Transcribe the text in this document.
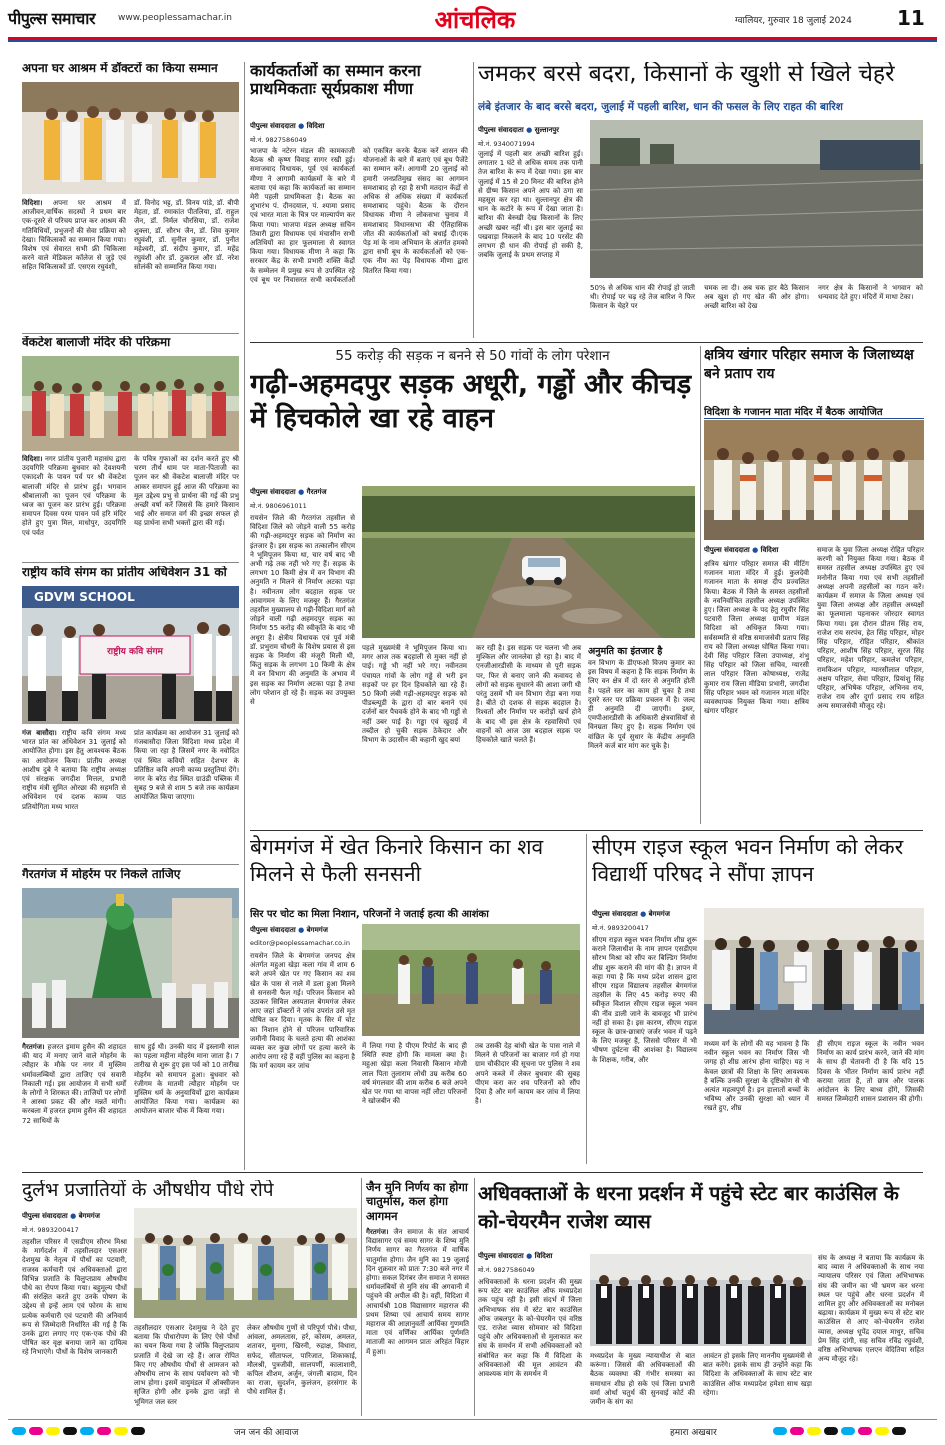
पीपुल्स समाचार	www.peoplessamachar.in	आंचलिक	ग्वालियर, गुरुवार 18 जुलाई 2024 11
अपना घर आश्रम में डॉक्टरों का किया सम्मान
विदिशा। अपना घर आश्रम में आजीवन,वार्षिक सदस्यों ने प्रथम बार एक-दूसरे से परिचय प्राप्त कर आश्रम की गतिविधियों, प्रभुजनों की सेवा प्रक्रिया को देखा। चिकित्सकों का सम्मान किया गया। विशेष एवं सेवारत सभी फ्री चिकित्सा करने वाले मेडिकल कॉलेज से जुड़े एवं सहित चिकित्सकों डॉ. एसएस रघुवंशी,
डॉ. विनोद भट्ट, डॉ. विनय पांडे, डॉ. बीपी मेहता, डॉ. रमाकांत पीतलिया, डॉ. राहुल जैन, डॉ. निर्मल चौरसिया, डॉ. राजेश शुक्ला, डॉ. सौरभ जैन, डॉ. शिव कुमार रघुवंशी, डॉ. सुनील कुमार, डॉ. पुनीत महेश्वरी, डॉ. संदीप कुमार, डॉ. महेंद्र रघुवंशी और डॉ. ठुकराल और डॉ. नरेश सोलंकी को सम्मानित किया गया।
वेंकटेश बालाजी मंदिर की परिक्रमा
विदिशा। नगर प्रांतीय पुजारी महासंघ द्वारा उदयगिरि परिक्रमा बुधवार को देवशयनी एकादशी के पावन पर्व पर श्री वेंकटेश बालाजी मंदिर से प्रारंभ हुई। भगवान श्रीबालाजी का पूजन एवं परिक्रमा के ध्वज का पूजन कर प्रारंभ हुई। परिक्रमा समापन दिवस परम पावन पर्व हरि मंदिर होते हुए पुत्रा मिल, माधोपुर, उदयगिरि एवं पर्वत
के पवित्र गुफाओं का दर्शन करते हुए श्री चरण तीर्थ धाम पर माता-पिताजी का पूजन कर श्री वेंकटेश बालाजी मंदिर पर आकर समापन हुई आज की परिक्रमा का मूल उद्देश्य प्रभु से प्रार्थना की गई की प्रभु अच्छी वर्षा करें जिससे कि हमारे किसान भाई और समाज वर्ग की इच्छा सफल हो यह प्रार्थना सभी भक्तों द्वारा की गई।
राष्ट्रीय कवि संगम का प्रांतीय अधिवेशन 31 को
GDVM SCHOOL
राष्ट्रीय कवि संगम
गंज बासौदा। राष्ट्रीय कवि संगम मध्य भारत प्रांत का अधिवेशन 31 जुलाई को आयोजित होगा। इस हेतु आवश्यक बैठक का आयोजन किया। प्रांतीय अध्यक्ष आशीष दुबे ने बताया कि राष्ट्रीय अध्यक्ष एवं संरक्षक जगदीश मित्तल, प्रभारी राष्ट्रीय मंत्री सुमित ओरछा की सहमति से अधिवेशन एवं दशक काव्य पाठ प्रतियोगिता मध्य भारत
प्रांत कार्यक्रम का आयोजन 31 जुलाई को गंजबासौदा जिला विदिशा मध्य प्रदेश में किया जा रहा है जिसमें नगर के नवोदित एवं स्थित कवियों सहित देशभर के प्रतिष्ठित कवि अपनी काव्य प्रस्तुतियां देंगे। नगर के बरेठ रोड स्थित ग्राउंडी पब्लिक में सुबह 9 बजे से शाम 5 बजे तक कार्यक्रम आयोजित किया जाएगा।
गैरतगंज में मोहर्रम पर निकले ताजिए
गैरतगंज। हजरत इमाम हुसैन की शहादत की याद में मनाए जाने वाले मोहर्रम के त्यौहार के मौके पर नगर में मुस्लिम धर्मावलम्बियों द्वारा ताजिए एवं सवारी निकाली गई। इस आयोजन में सभी धर्मों के लोगों ने शिरकत की। ताजियों पर लोगों ने आस्था प्रकट की और मन्नतें मांगी। करबला में हजरत इमाम हुसैन की शहादत 72 साथियों के
साथ हुई थी। उनकी याद में इस्लामी साल का पहला महीना मोहर्रम माना जाता है। 7 तारीख से शुरू हुए इस पर्व को 10 तारीख मोहर्रम को समापन हुआ। बुधवार को रंजीगम के मातमी त्यौहार मोहर्रम पर मुस्लिम धर्म के अनुयायियों द्वारा कार्यक्रम आयोजित किया गया। कार्यक्रम का आयोजन बाजार चौक में किया गया।
कार्यकर्ताओं का सम्मान करना प्राथमिकताः सूर्यप्रकाश मीणा
पीपुल्स संवाददाता ● विदिशा
मो.नं. 9827586049
भाजपा के नटेरन मंडल की कामकाजी बैठक श्री कृष्ण विवाह सागर रखी हुई। समाजवाद विधायक, पूर्व एवं कार्यकर्ता मीणा ने आगामी कार्यक्रमों के बारे में बताया एवं कहा कि कार्यकर्ता का सम्मान मेरी पहली प्राथमिकता है। बैठक का शुभारंभ पं. दीनदयाल, पं. श्यामा प्रसाद एवं भारत माता के चित्र पर माल्यार्पण कर किया गया। भाजपा मंडल अध्यक्ष सचिन तिवारी द्वारा विधायक एवं मंचासीन सभी अतिथियों का हार फूलमाला से स्वागत किया गया। विधायक मीणा ने कहा कि सरकार केंद्र के सभी प्रभारी शक्ति केंद्रों के सम्मेलन में प्रमुख रूप से उपस्थित रहे एवं बूथ पर निवासरत सभी कार्यकर्ताओं को एकत्रित करके बैठक करें शासन की योजनाओं के बारे में बताएं एवं बूथ पैजेंटे का सम्मान करें। आगामी 20 जुलाई को हमारी जनप्रतिमुख संसद का आगमन समशाबाद हो रहा है सभी मतदान केंद्रों से अधिक से अधिक संख्या में कार्यकर्ता समशाबाद पहुंचे। बैठक के दौरान विधायक मीणा ने लोकसभा चुनाव में समशाबाद विधानसभा की ऐतिहासिक जीत की कार्यकर्ताओं को बधाई दी।एक पेड़ मां के नाम अभियान के अंतर्गत हमको द्वारा सभी बूथ के कार्यकर्ताओं को एक-एक नीम का पेड़ विधायक मीणा द्वारा वितरित किया गया।
जमकर बरसे बदरा, किसानों के खुशी से खिले चेहरे
लंबे इंतजार के बाद बरसे बदरा, जुलाई में पहली बारिश, धान की फसल के लिए राहत की बारिश
पीपुल्स संवाददाता ● सुल्तानपुर
मो.नं. 9340071994
जुलाई में पहली बार अच्छी बारिश हुई। लगातार 1 घंटे से अधिक समय तक पानी तेज बारिश के रूप में देखा गया। इस बार जुलाई में 15 से 20 मिनट की बारिश होने से ग्रीष्म किसान अपने आप को ठगा सा महसूस कर रहा था। सुल्तानपुर क्षेत्र की धान के कटोरे के रूप में देखा जाता है। बारिश की बेरुखी देख किसानों के लिए अच्छी खबर नहीं थी। इस बार जुलाई का पखवाड़ा निकलने के बाद 10 परसेंट की लगभग ही धान की रोपाई हो सकी है, जबकि जुलाई के प्रथम सप्ताह में
50% से अधिक धान की रोपाई हो जाती थी। रोपाई पर चढ़ रहे तेज बारिश ने फिर किसान के चेहरे पर
चमक ला दी। अब चक हार बैठे किसान अब खुश हो गए खेत की ओर होगा। अच्छी बारिश को देख
नगर क्षेत्र के किसानों ने भगवान को धन्यवाद देते हुए। मंदिरों में माथा टेका।
55 करोड़ की सड़क न बनने से 50 गांवों के लोग परेशान
गढ़ी-अहमदपुर सड़क अधूरी, गड्ढों और कीचड़ में हिचकोले खा रहे वाहन
पीपुल्स संवाददाता ● गैरतगंज
मो.नं. 9806961011
रायसेन जिले की गैरतगंज तहसील से विदिशा जिले को जोड़ने वाली 55 करोड़ की गढ़ी-अहमदपुर सड़क को निर्माण का इंतजार है। इस सड़क का तत्कालीन सीएम ने भूमिपूजन किया था, चार वर्ष बाद भी अभी गढ़े तक नहीं भरे गए हैं। सड़क के लगभग 10 किमी क्षेत्र में वन विभाग की अनुमति न मिलने से निर्माण अटका पड़ा है। नवीनतम लोग बदहाल सड़क पर आवागमन के लिए मजबूर हैं। गैरतगंज तहसील मुख्यालय से गढ़ी-विदिशा मार्ग को जोड़ने वाली गढ़ी अहमदपुर सड़क का निर्माण 55 करोड़ की स्वीकृति के बाद भी अधूरा है। क्षेत्रीय विधायक एवं पूर्व मंत्री डॉ. प्रभुराम चौधरी के विशेष प्रयास से इस सड़क के निर्माण की मंजूरी मिली थी, किंतु सड़क के लगभग 10 किमी के क्षेत्र में वन विभाग की अनुमति के अभाव में इस सड़क का निर्माण अटका पड़ा है तथा लोग परेशान हो रहे हैं। सड़क का उपयुक्त से
पहले मुख्यमंत्री ने भूमिपूजन किया था। मगर आज तक बदहाली से मुक्त नहीं हो पाई। गड्ढे भी नहीं भरे गए। नवीनतम पंचायत गांवों के लोग गड्ढे से भरी इन सड़कों पर हर दिन हिचकोले खा रहे हैं। 50 किमी लंबी गढ़ी-अहमदपुर सड़क को पीडब्ल्यूडी के द्वारा दो बार बनाने एवं दर्जनों बार पैचवर्क होने के बाद भी गड्ढों से नहीं उबर पाई है। गड्ढा एवं खुदाई में तब्दील हो चुकी सड़क ठेकेदार और विभाग के उदासीन की कहानी खुद बयां
कर रही है। इस सड़क पर चलना भी अब मुश्किल और जानलेवा हो रहा है। बाद में एनजीआरडीसी के माध्यम से पूरी सड़क पर, फिर से बनाए जाने की कवायद से लोगों को सड़क सुधारने की आशा जगी थी परंतु उसमें भी वन विभाग रोड़ा बना गया है। बीते दो दशक से सड़क बदहाल है। रिश्वतों और निर्माण पर करोड़ों खर्च होने के बाद भी इस क्षेत्र के रहवासियों एवं वाहनों को आज उस बदहाल सड़क पर हिचकोले खाते चलते हैं।
अनुमति का इंतजार है
वन विभाग के डीएफओ विजय कुमार का इस विषय में कहना है कि सड़क निर्माण के लिए वन क्षेत्र में दो स्तर से अनुमति होती है। पहले स्तर का काम हो चुका है तथा दूसरे स्तर पर प्रक्रिया प्रचलन में है। जल्द ही अनुमति दी जाएगी। इधर, एमपीआरडीसी के अधिकारी क्षेत्रवासियों से विनम्रता किए हुए है। सड़क निर्माण एवं वांछित के पूर्व सुधार के केंद्रीय अनुमति मिलने कर्ज बार मांग कर चुके है।
क्षत्रिय खंगार परिहार समाज के जिलाध्यक्ष बने प्रताप राय
विदिशा के गजानन माता मंदिर में बैठक आयोजित
पीपुल्स संवाददाता ● विदिशा
क्षत्रिय खंगार परिहार समाज की मीटिंग गजानन माता मंदिर में हुई। कुलदेवी गजानन माता के समक्ष दीप प्रज्वलित किया। बैठक में जिले के समस्त तहसीलों के नवनिर्वाचित तहसील अध्यक्ष उपस्थित हुए। जिला अध्यक्ष के पद हेतु रघुवीर सिंह पटवारी जिला अध्यक्ष ग्रामीण मंडल विदिशा को अधिकृत किया गया। सर्वसम्मति से वरिष्ठ समाजसेवी प्रताप सिंह राय को जिला अध्यक्ष घोषित किया गया। देवी सिंह परिहार जिला उपाध्यक्ष, शंभु सिंह परिहार को जिला सचिव, ग्यारसी लाल परिहार जिला कोषाध्यक्ष, राजेंद्र कुमार राय जिला मीडिया प्रभारी, जगदीश सिंह परिहार भवन को गजानन माता मंदिर व्यवस्थापक नियुक्त किया गया। क्षत्रिय खंगार परिहार
समाज के युवा जिला अध्यक्ष रोहित परिहार करणी को नियुक्त किया गया। बैठक में समस्त तहसील अध्यक्ष उपस्थित हुए एवं मनोनीत किया गया एवं सभी तहसीलों अध्यक्ष अपनी तहसीलों का गठन करें। कार्यक्रम में समाज के जिला अध्यक्ष एवं युवा जिला अध्यक्ष और तहसील अध्यक्षों का फूलमाला पहनाकर जोरदार स्वागत किया गया। इस दौरान प्रीतम सिंह राय, राजेश राय सरपंच, हेत सिंह परिहार, मोहर सिंह परिहार, रोहित परिहार, श्रीकांत परिहार, आशीष सिंह परिहार, सूरज सिंह परिहार, महेश परिहार, कमलेश परिहार, रामकिशन परिहार, ग्यारसीलाल परिहार, अक्षय परिहार, सेवा परिहार, प्रियांशु सिंह परिहार, अभिषेक परिहार, अभिनव राय, राजेश राय और दुर्गा प्रसाद राय सहित अन्य समाजसेवी मौजूद रहे।
बेगमगंज में खेत किनारे किसान का शव मिलने से फैली सनसनी
सिर पर चोट का मिला निशान, परिजनों ने जताई हत्या की आशंका
पीपुल्स संवाददाता ● बेगमगंज
editor@peoplessamachar.co.in
रायसेन जिले के बेगमगंज जनपद क्षेत्र अंतर्गत महुआ खेड़ा कला गांव में शाम 6 बजे अपने खेत पर गए किसान का शव खेत के पास से नाले में डला हुआ मिलने से सनसनी फैल गई। परिजन किसान को उठाकर सिविल अस्पताल बेगमगंज लेकर आए जहां डॉक्टरों ने जांच उपरांत उसे मृत घोषित कर दिया। मृतक के सिर में चोट का निशान होने से परिजन पारिवारिक जमीनी विवाद के चलते हत्या की आशंका व्यक्त कर कुछ लोगों पर हत्या करने के आरोप लगा रहे हैं वहीं पुलिस का कहना है कि मर्ग कायम कर जांच
में लिया गया है पीएम रिपोर्ट के बाद ही स्थिति स्पष्ट होगी कि मामला क्या है। महुआ खेड़ा कला निवासी किसान मोजी लाल पिता तुलाराम लोधी उम्र करीब 60 वर्ष मंगलवार की शाम करीब 6 बजे अपने खेत पर गया था वापस नहीं लौटा परिजनों ने खोजबीन की
तब उसकी देह बांधी खेत के पास नाले में मिलने से परिजनों का बाजार गर्म हो गया ग्राम चौकीदार की सूचना पर पुलिस ने शव अपने कब्जे में लेकर बुधवार की सुबह पीएम करा कर शव परिजनों को सौंप दिया है और मर्ग कायम कर जांच में लिया है।
सीएम राइज स्कूल भवन निर्माण को लेकर विद्यार्थी परिषद ने सौंपा ज्ञापन
पीपुल्स संवाददाता ● बेगमगंज
मो.नं. 9893200417
सीएम राइज स्कूल भवन निर्माण शीघ्र शुरू कराने जिलाधीश के नाम ज्ञापन एसडीएम सौरभ मिश्रा को सौंप कर बिल्डिंग निर्माण शीघ्र शुरू कराने की मांग की है। ज्ञापन में कहा गया है कि मध्य प्रदेश शासन द्वारा सीएम राइज विद्यालय तहसील बेगमगंज तहसील के लिए 45 करोड़ रुपए की स्वीकृत विशाल सीएम राइज स्कूल भवन की नींव डाली जाने के बावजूद भी प्रारंभ नहीं हो सका है। इस कारण, सीएम राइज स्कूल के छात्र-छात्राएं जर्जर भवन में पढ़ने के लिए मजबूर हैं, जिससे परिसर में भी भीषण दुर्घटना की आशंका है। विद्यालय के शिक्षक, गरीब, और
मध्यम वर्ग के लोगों की यह भावना है कि नवीन स्कूल भवन का निर्माण जिस भी जगह हो शीघ्र आरंभ होना चाहिए। यह न केवल छात्रों की शिक्षा के लिए आवश्यक है बल्कि उनकी सुरक्षा के दृष्टिकोण से भी अत्यंत महत्वपूर्ण है। इन हालातों बच्चों के भविष्य और उनकी सुरक्षा को ध्यान में रखते हुए, शीघ्र
ही सीएम राइज स्कूल के नवीन भवन निर्माण का कार्य प्रारंभ करने, जाने की मांग के साथ ही चेतावनी दी है कि यदि 15 दिवस के भीतर निर्माण कार्य प्रारंभ नहीं कराया जाता है, तो छात्र और पालक आंदोलन के लिए बाध्य होंगे, जिसकी समस्त जिम्मेदारी शासन प्रशासन की होगी।
दुर्लभ प्रजातियों के औषधीय पौधे रोपे
पीपुल्स संवाददाता ● बेगमगंज
मो.नं. 9893200417
तहसील परिसर में एसडीएम सौरभ मिश्रा के मार्गदर्शन में तहसीलदार एसआर देशमुख के नेतृत्व में पौधों का पटवारी, राजस्व कर्मचारी एवं अधिवक्ताओं द्वारा विभिन्न प्रजाति के विलुप्तप्राय औषधीय पौधे का रोपण किया गया। बहुमूल्य पौधों की संरक्षित करते हुए उनके पोषण के उद्देश्य से इन्हें आम एवं फोरम के साथ प्रत्येक कर्मचारी एवं पटवारी की अनिवार्य रूप से जिम्मेदारी निर्धारित की गई है कि उनके द्वारा लगाए गए एक-एक पौधे की पोषित कर वृक्ष बनाया जाने का दायित्व रहे निभाएंगे। पौधों के विशेष जानकारी
तहसीलदार एसआर देशमुख ने देते हुए बताया कि पौधारोपण के लिए ऐसे पौधों का चयन किया गया है जोकि विलुप्तप्राय प्रजाति में देखे जा रहे हैं। आज रोपित किए गए औषधीय पौधों से आमजन को औषधीय लाभ के साथ पर्यावरण को भी लाभ होगा। इसमें वायुमंडल में ऑक्सीजन सृजित होगी और इनके द्वारा जड़ों से भूमिगत जल स्तर
लेकर औषधीय गुणों से परिपूर्ण पौधे। पौधा, आंवला, अमलतास, हर्र, कोसम, अमलत, शतावर, मुनगा, खिरनी, रुद्राक्ष, विधारा, सफेद, सीताफल, पारिजात, शिकाकाई, मौलश्री, पुत्रजीवी, सालपर्णी, कालाशारी, कपिल शीशम, अर्जुन, जंगली बादाम, दिन का राजा, सुदर्शन, कुलंजन, हरसंगार के पौधे शामिल हैं।
जैन मुनि निर्णय का होगा चातुर्मास, कल होगा आगमन
गैरतगंज। जैन समाज के संत आचार्य विद्यासागर एवं समय सागर के शिष्य मुनि निर्णय सागर का गैरतगंज में वार्षिक चातुर्मास होगा। जैन मुनि का 19 जुलाई दिन शुक्रवार को प्रातः 7:30 बजे नगर में होगा। सकल दिगंबर जैन समाज ने समस्त धर्मावलंबियों से मुनि संघ की अगवानी में पहुंचने की अपील की है। वहीं, विदिशा में आचार्यश्री 108 विद्यासागर महाराज की प्रथम शिष्या एवं आचार्य समय सागर महाराज की आज्ञानुवर्ती आर्यिका गुणमति माता एवं वर्णिका आर्यिका पूर्णमति माताजी का आगमन प्रातः अरिहंत विहार में हुआ।
अधिवक्ताओं के धरना प्रदर्शन में पहुंचे स्टेट बार काउंसिल के को-चेयरमैन राजेश व्यास
पीपुल्स संवाददाता ● विदिशा
मो.नं. 9827586049
अधिवक्ताओं के धरना प्रदर्शन की मुख्य रूप स्टेट बार काउंसिल ऑफ मध्यप्रदेश तक पहुंच रही है। इसी संदर्भ में जिला अभिभाषक संघ में स्टेट बार काउंसिल ऑफ जबलपुर के को-चेयरमैन एवं वरिष्ठ एड. राजेश व्यास सोमवार को विदिशा पहुंचे और अधिवक्ताओं से मुलाकात कर संघ के समर्थन में सभी अधिवक्ताओं को संबोधित कर कहा कि मैं विदिशा के अधिवक्ताओं की मूल आवंटन की आवश्यक मांग के समर्थन में
मध्यप्रदेश के मुख्य न्यायाधीश से बात करूंगा। जिससे की अधिवक्ताओं की बैठक व्यवस्था की गंभीर समस्या का समाधान शीघ्र हो सके एवं जिला प्रभारी वर्मा ओर्था चतुर्थ की सुनवाई कोर्ट की जमीन के संग का
आवंटन हो इसके लिए माननीय मुख्यमंत्री से बात करेंगे। इसके साथ ही उन्होंने कहा कि विदिशा के अधिवक्ताओं के साथ स्टेट बार काउंसिल ऑफ मध्यप्रदेश हमेशा साथ खड़ा रहेगा।
संघ के अध्यक्ष ने बताया कि कार्यक्रम के बाद व्यास ने अधिवक्ताओं के साथ नया न्यायालय परिसर एवं जिला अभिभाषक संघ की जमीन का भी भ्रमण कर धरना स्थल पर पहुंचे और धरना प्रदर्शन में शामिल हुए और अधिवक्ताओं का मनोबल बढ़ाया। कार्यक्रम में मुख्य रूप से स्टेट बार काउंसिल से आए को-चेयरमैन राजेश व्यास, अध्यक्ष धूपेंद्र दयाल माथुर, सचिव प्रेम सिंह दांगी, सह सचिव रविंद्र रघुवंशी, वरिष्ठ अभिभाषक एलएन वेदितिया सहित अन्य मौजूद रहे।
जन जन की आवाज	हमारा अखबार
